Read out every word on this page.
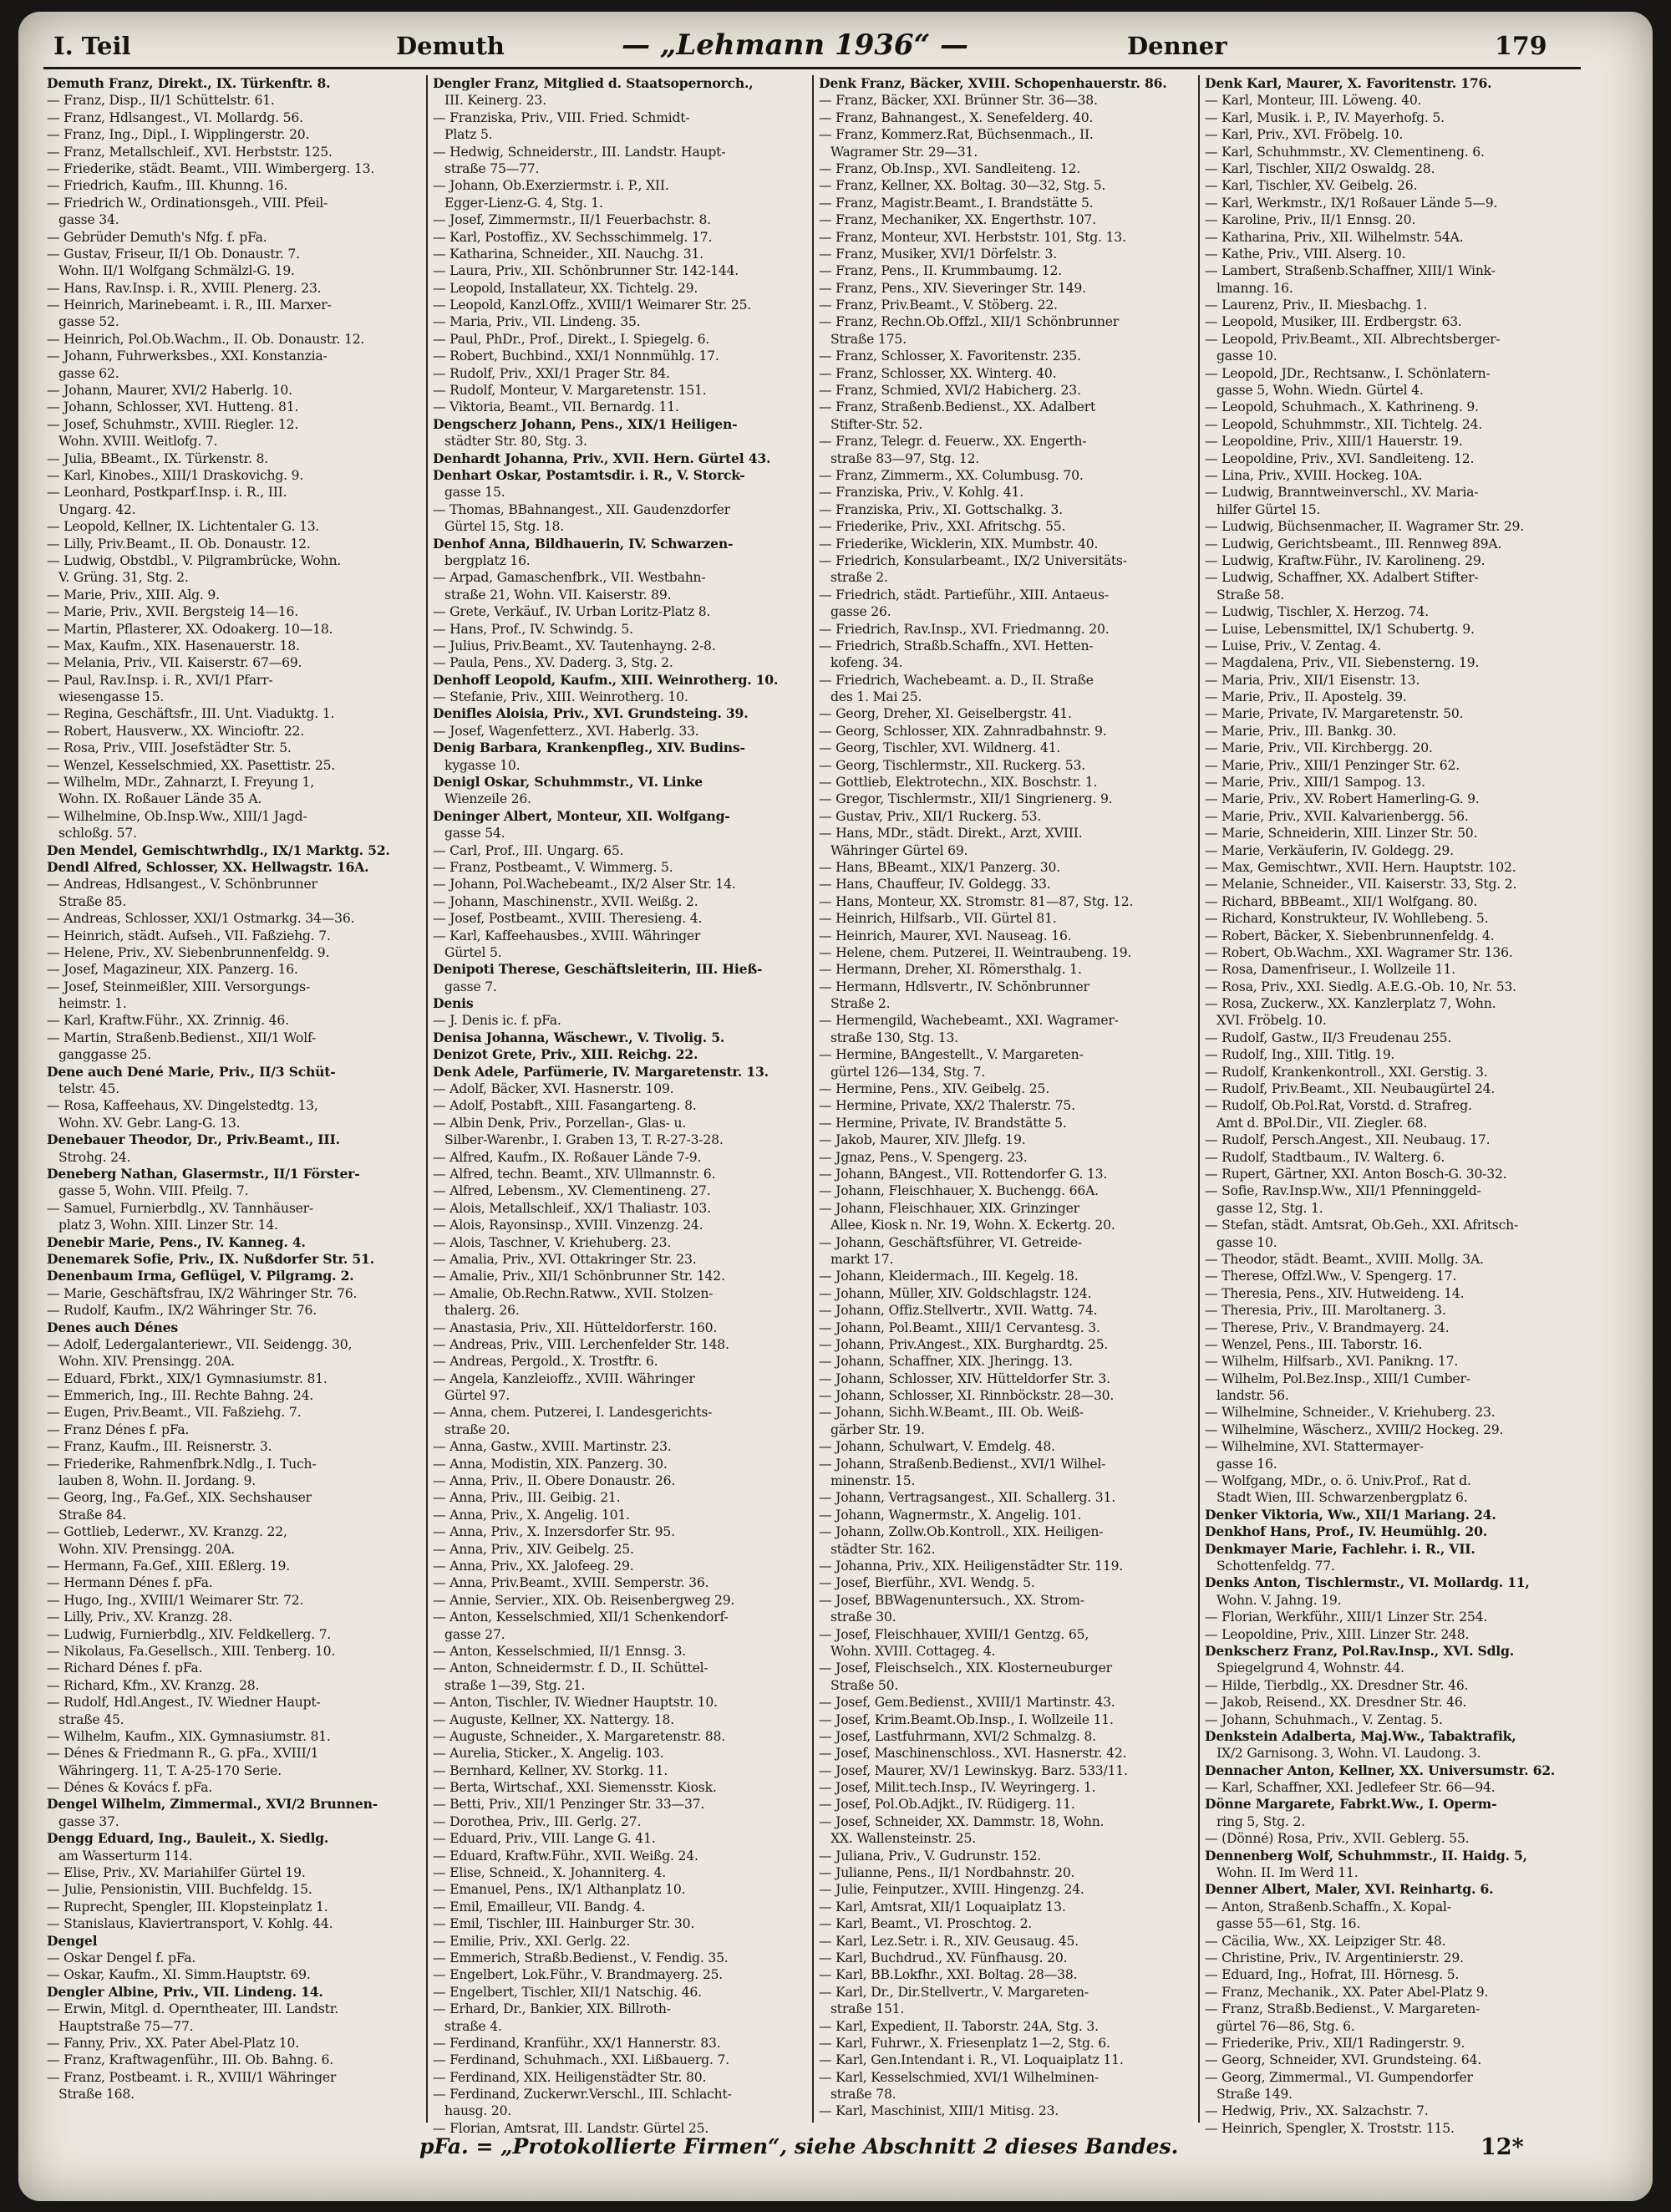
I. Teil	Demuth	— „Lehmann 1936“ —	Denner	179
Demuth Franz, Direkt., IX. Türkenftr. 8.
— Franz, Disp., II/1 Schüttelstr. 61.
— Franz, Hdlsangest., VI. Mollardg. 56.
— Franz, Ing., Dipl., I. Wipplingerstr. 20.
— Franz, Metallschleif., XVI. Herbststr. 125.
— Friederike, städt. Beamt., VIII. Wimbergerg. 13.
— Friedrich, Kaufm., III. Khunng. 16.
— Friedrich W., Ordinationsgeh., VIII. Pfeil-
gasse 34.
— Gebrüder Demuth's Nfg. f. pFa.
— Gustav, Friseur, II/1 Ob. Donaustr. 7.
Wohn. II/1 Wolfgang Schmälzl-G. 19.
— Hans, Rav.Insp. i. R., XVIII. Plenerg. 23.
— Heinrich, Marinebeamt. i. R., III. Marxer-
gasse 52.
— Heinrich, Pol.Ob.Wachm., II. Ob. Donaustr. 12.
— Johann, Fuhrwerksbes., XXI. Konstanzia-
gasse 62.
— Johann, Maurer, XVI/2 Haberlg. 10.
— Johann, Schlosser, XVI. Hutteng. 81.
— Josef, Schuhmstr., XVIII. Riegler. 12.
Wohn. XVIII. Weitlofg. 7.
— Julia, BBeamt., IX. Türkenstr. 8.
— Karl, Kinobes., XIII/1 Draskovichg. 9.
— Leonhard, Postkparf.Insp. i. R., III.
Ungarg. 42.
— Leopold, Kellner, IX. Lichtentaler G. 13.
— Lilly, Priv.Beamt., II. Ob. Donaustr. 12.
— Ludwig, Obstdbl., V. Pilgrambrücke, Wohn.
V. Grüng. 31, Stg. 2.
— Marie, Priv., XIII. Alg. 9.
— Marie, Priv., XVII. Bergsteig 14—16.
— Martin, Pflasterer, XX. Odoakerg. 10—18.
— Max, Kaufm., XIX. Hasenauerstr. 18.
— Melania, Priv., VII. Kaiserstr. 67—69.
— Paul, Rav.Insp. i. R., XVI/1 Pfarr-
wiesengasse 15.
— Regina, Geschäftsfr., III. Unt. Viaduktg. 1.
— Robert, Hausverw., XX. Wincioftr. 22.
— Rosa, Priv., VIII. Josefstädter Str. 5.
— Wenzel, Kesselschmied, XX. Pasettistr. 25.
— Wilhelm, MDr., Zahnarzt, I. Freyung 1,
Wohn. IX. Roßauer Lände 35 A.
— Wilhelmine, Ob.Insp.Ww., XIII/1 Jagd-
schloßg. 57.
Den Mendel, Gemischtwrhdlg., IX/1 Marktg. 52.
Dendl Alfred, Schlosser, XX. Hellwagstr. 16A.
— Andreas, Hdlsangest., V. Schönbrunner
Straße 85.
— Andreas, Schlosser, XXI/1 Ostmarkg. 34—36.
— Heinrich, städt. Aufseh., VII. Faßziehg. 7.
— Helene, Priv., XV. Siebenbrunnenfeldg. 9.
— Josef, Magazineur, XIX. Panzerg. 16.
— Josef, Steinmeißler, XIII. Versorgungs-
heimstr. 1.
— Karl, Kraftw.Führ., XX. Zrinnig. 46.
— Martin, Straßenb.Bedienst., XII/1 Wolf-
ganggasse 25.
Dene auch Dené Marie, Priv., II/3 Schüt-
telstr. 45.
— Rosa, Kaffeehaus, XV. Dingelstedtg. 13,
Wohn. XV. Gebr. Lang-G. 13.
Denebauer Theodor, Dr., Priv.Beamt., III.
Strohg. 24.
Deneberg Nathan, Glasermstr., II/1 Förster-
gasse 5, Wohn. VIII. Pfeilg. 7.
— Samuel, Furnierbdlg., XV. Tannhäuser-
platz 3, Wohn. XIII. Linzer Str. 14.
Denebir Marie, Pens., IV. Kanneg. 4.
Denemarek Sofie, Priv., IX. Nußdorfer Str. 51.
Denenbaum Irma, Geflügel, V. Pilgramg. 2.
— Marie, Geschäftsfrau, IX/2 Währinger Str. 76.
— Rudolf, Kaufm., IX/2 Währinger Str. 76.
Denes auch Dénes
— Adolf, Ledergalanteriewr., VII. Seidengg. 30,
Wohn. XIV. Prensingg. 20A.
— Eduard, Fbrkt., XIX/1 Gymnasiumstr. 81.
— Emmerich, Ing., III. Rechte Bahng. 24.
— Eugen, Priv.Beamt., VII. Faßziehg. 7.
— Franz Dénes f. pFa.
— Franz, Kaufm., III. Reisnerstr. 3.
— Friederike, Rahmenfbrk.Ndlg., I. Tuch-
lauben 8, Wohn. II. Jordang. 9.
— Georg, Ing., Fa.Gef., XIX. Sechshauser
Straße 84.
— Gottlieb, Lederwr., XV. Kranzg. 22,
Wohn. XIV. Prensingg. 20A.
— Hermann, Fa.Gef., XIII. Eßlerg. 19.
— Hermann Dénes f. pFa.
— Hugo, Ing., XVIII/1 Weimarer Str. 72.
— Lilly, Priv., XV. Kranzg. 28.
— Ludwig, Furnierbdlg., XIV. Feldkellerg. 7.
— Nikolaus, Fa.Gesellsch., XIII. Tenberg. 10.
— Richard Dénes f. pFa.
— Richard, Kfm., XV. Kranzg. 28.
— Rudolf, Hdl.Angest., IV. Wiedner Haupt-
straße 45.
— Wilhelm, Kaufm., XIX. Gymnasiumstr. 81.
— Dénes & Friedmann R., G. pFa., XVIII/1
Währingerg. 11, T. A-25-170 Serie.
— Dénes & Kovács f. pFa.
Dengel Wilhelm, Zimmermal., XVI/2 Brunnen-
gasse 37.
Dengg Eduard, Ing., Bauleit., X. Siedlg.
am Wasserturm 114.
— Elise, Priv., XV. Mariahilfer Gürtel 19.
— Julie, Pensionistin, VIII. Buchfeldg. 15.
— Ruprecht, Spengler, III. Klopsteinplatz 1.
— Stanislaus, Klaviertransport, V. Kohlg. 44.
Dengel
— Oskar Dengel f. pFa.
— Oskar, Kaufm., XI. Simm.Hauptstr. 69.
Dengler Albine, Priv., VII. Lindeng. 14.
— Erwin, Mitgl. d. Operntheater, III. Landstr.
Hauptstraße 75—77.
— Fanny, Priv., XX. Pater Abel-Platz 10.
— Franz, Kraftwagenführ., III. Ob. Bahng. 6.
— Franz, Postbeamt. i. R., XVIII/1 Währinger
Straße 168.
Dengler Franz, Mitglied d. Staatsopernorch.,
III. Keinerg. 23.
— Franziska, Priv., VIII. Fried. Schmidt-
Platz 5.
— Hedwig, Schneiderstr., III. Landstr. Haupt-
straße 75—77.
— Johann, Ob.Exerziermstr. i. P., XII.
Egger-Lienz-G. 4, Stg. 1.
— Josef, Zimmermstr., II/1 Feuerbachstr. 8.
— Karl, Postoffiz., XV. Sechsschimmelg. 17.
— Katharina, Schneider., XII. Nauchg. 31.
— Laura, Priv., XII. Schönbrunner Str. 142-144.
— Leopold, Installateur, XX. Tichtelg. 29.
— Leopold, Kanzl.Offz., XVIII/1 Weimarer Str. 25.
— Maria, Priv., VII. Lindeng. 35.
— Paul, PhDr., Prof., Direkt., I. Spiegelg. 6.
— Robert, Buchbind., XXI/1 Nonnmühlg. 17.
— Rudolf, Priv., XXI/1 Prager Str. 84.
— Rudolf, Monteur, V. Margaretenstr. 151.
— Viktoria, Beamt., VII. Bernardg. 11.
Dengscherz Johann, Pens., XIX/1 Heiligen-
städter Str. 80, Stg. 3.
Denhardt Johanna, Priv., XVII. Hern. Gürtel 43.
Denhart Oskar, Postamtsdir. i. R., V. Storck-
gasse 15.
— Thomas, BBahnangest., XII. Gaudenzdorfer
Gürtel 15, Stg. 18.
Denhof Anna, Bildhauerin, IV. Schwarzen-
bergplatz 16.
— Arpad, Gamaschenfbrk., VII. Westbahn-
straße 21, Wohn. VII. Kaiserstr. 89.
— Grete, Verkäuf., IV. Urban Loritz-Platz 8.
— Hans, Prof., IV. Schwindg. 5.
— Julius, Priv.Beamt., XV. Tautenhayng. 2-8.
— Paula, Pens., XV. Daderg. 3, Stg. 2.
Denhoff Leopold, Kaufm., XIII. Weinrotherg. 10.
— Stefanie, Priv., XIII. Weinrotherg. 10.
Denifles Aloisia, Priv., XVI. Grundsteing. 39.
— Josef, Wagenfetterz., XVI. Haberlg. 33.
Denig Barbara, Krankenpfleg., XIV. Budins-
kygasse 10.
Denigl Oskar, Schuhmmstr., VI. Linke
Wienzeile 26.
Deninger Albert, Monteur, XII. Wolfgang-
gasse 54.
— Carl, Prof., III. Ungarg. 65.
— Franz, Postbeamt., V. Wimmerg. 5.
— Johann, Pol.Wachebeamt., IX/2 Alser Str. 14.
— Johann, Maschinenstr., XVII. Weißg. 2.
— Josef, Postbeamt., XVIII. Theresieng. 4.
— Karl, Kaffeehausbes., XVIII. Währinger
Gürtel 5.
Denipoti Therese, Geschäftsleiterin, III. Hieß-
gasse 7.
Denis
— J. Denis ic. f. pFa.
Denisa Johanna, Wäschewr., V. Tivolig. 5.
Denizot Grete, Priv., XIII. Reichg. 22.
Denk Adele, Parfümerie, IV. Margaretenstr. 13.
— Adolf, Bäcker, XVI. Hasnerstr. 109.
— Adolf, Postabft., XIII. Fasangarteng. 8.
— Albin Denk, Priv., Porzellan-, Glas- u.
Silber-Warenbr., I. Graben 13, T. R-27-3-28.
— Alfred, Kaufm., IX. Roßauer Lände 7-9.
— Alfred, techn. Beamt., XIV. Ullmannstr. 6.
— Alfred, Lebensm., XV. Clementineng. 27.
— Alois, Metallschleif., XX/1 Thaliastr. 103.
— Alois, Rayonsinsp., XVIII. Vinzenzg. 24.
— Alois, Taschner, V. Kriehuberg. 23.
— Amalia, Priv., XVI. Ottakringer Str. 23.
— Amalie, Priv., XII/1 Schönbrunner Str. 142.
— Amalie, Ob.Rechn.Ratww., XVII. Stolzen-
thalerg. 26.
— Anastasia, Priv., XII. Hütteldorferstr. 160.
— Andreas, Priv., VIII. Lerchenfelder Str. 148.
— Andreas, Pergold., X. Trostftr. 6.
— Angela, Kanzleioffz., XVIII. Währinger
Gürtel 97.
— Anna, chem. Putzerei, I. Landesgerichts-
straße 20.
— Anna, Gastw., XVIII. Martinstr. 23.
— Anna, Modistin, XIX. Panzerg. 30.
— Anna, Priv., II. Obere Donaustr. 26.
— Anna, Priv., III. Geibig. 21.
— Anna, Priv., X. Angelig. 101.
— Anna, Priv., X. Inzersdorfer Str. 95.
— Anna, Priv., XIV. Geibelg. 25.
— Anna, Priv., XX. Jalofeeg. 29.
— Anna, Priv.Beamt., XVIII. Semperstr. 36.
— Annie, Servier., XIX. Ob. Reisenbergweg 29.
— Anton, Kesselschmied, XII/1 Schenkendorf-
gasse 27.
— Anton, Kesselschmied, II/1 Ennsg. 3.
— Anton, Schneidermstr. f. D., II. Schüttel-
straße 1—39, Stg. 21.
— Anton, Tischler, IV. Wiedner Hauptstr. 10.
— Auguste, Kellner, XX. Nattergy. 18.
— Auguste, Schneider., X. Margaretenstr. 88.
— Aurelia, Sticker., X. Angelig. 103.
— Bernhard, Kellner, XV. Storkg. 11.
— Berta, Wirtschaf., XXI. Siemensstr. Kiosk.
— Betti, Priv., XII/1 Penzinger Str. 33—37.
— Dorothea, Priv., III. Gerlg. 27.
— Eduard, Priv., VIII. Lange G. 41.
— Eduard, Kraftw.Führ., XVII. Weißg. 24.
— Elise, Schneid., X. Johanniterg. 4.
— Emanuel, Pens., IX/1 Althanplatz 10.
— Emil, Emailleur, VII. Bandg. 4.
— Emil, Tischler, III. Hainburger Str. 30.
— Emilie, Priv., XXI. Gerlg. 22.
— Emmerich, Straßb.Bedienst., V. Fendig. 35.
— Engelbert, Lok.Führ., V. Brandmayerg. 25.
— Engelbert, Tischler, XII/1 Natschig. 46.
— Erhard, Dr., Bankier, XIX. Billroth-
straße 4.
— Ferdinand, Kranführ., XX/1 Hannerstr. 83.
— Ferdinand, Schuhmach., XXI. Lißbauerg. 7.
— Ferdinand, XIX. Heiligenstädter Str. 80.
— Ferdinand, Zuckerwr.Verschl., III. Schlacht-
hausg. 20.
— Florian, Amtsrat, III. Landstr. Gürtel 25.
Denk Franz, Bäcker, XVIII. Schopenhauerstr. 86.
— Franz, Bäcker, XXI. Brünner Str. 36—38.
— Franz, Bahnangest., X. Senefelderg. 40.
— Franz, Kommerz.Rat, Büchsenmach., II.
Wagramer Str. 29—31.
— Franz, Ob.Insp., XVI. Sandleiteng. 12.
— Franz, Kellner, XX. Boltag. 30—32, Stg. 5.
— Franz, Magistr.Beamt., I. Brandstätte 5.
— Franz, Mechaniker, XX. Engerthstr. 107.
— Franz, Monteur, XVI. Herbststr. 101, Stg. 13.
— Franz, Musiker, XVI/1 Dörfelstr. 3.
— Franz, Pens., II. Krummbaumg. 12.
— Franz, Pens., XIV. Sieveringer Str. 149.
— Franz, Priv.Beamt., V. Stöberg. 22.
— Franz, Rechn.Ob.Offzl., XII/1 Schönbrunner
Straße 175.
— Franz, Schlosser, X. Favoritenstr. 235.
— Franz, Schlosser, XX. Winterg. 40.
— Franz, Schmied, XVI/2 Habicherg. 23.
— Franz, Straßenb.Bedienst., XX. Adalbert
Stifter-Str. 52.
— Franz, Telegr. d. Feuerw., XX. Engerth-
straße 83—97, Stg. 12.
— Franz, Zimmerm., XX. Columbusg. 70.
— Franziska, Priv., V. Kohlg. 41.
— Franziska, Priv., XI. Gottschalkg. 3.
— Friederike, Priv., XXI. Afritschg. 55.
— Friederike, Wicklerin, XIX. Mumbstr. 40.
— Friedrich, Konsularbeamt., IX/2 Universitäts-
straße 2.
— Friedrich, städt. Partieführ., XIII. Antaeus-
gasse 26.
— Friedrich, Rav.Insp., XVI. Friedmanng. 20.
— Friedrich, Straßb.Schaffn., XVI. Hetten-
kofeng. 34.
— Friedrich, Wachebeamt. a. D., II. Straße
des 1. Mai 25.
— Georg, Dreher, XI. Geiselbergstr. 41.
— Georg, Schlosser, XIX. Zahnradbahnstr. 9.
— Georg, Tischler, XVI. Wildnerg. 41.
— Georg, Tischlermstr., XII. Ruckerg. 53.
— Gottlieb, Elektrotechn., XIX. Boschstr. 1.
— Gregor, Tischlermstr., XII/1 Singrienerg. 9.
— Gustav, Priv., XII/1 Ruckerg. 53.
— Hans, MDr., städt. Direkt., Arzt, XVIII.
Währinger Gürtel 69.
— Hans, BBeamt., XIX/1 Panzerg. 30.
— Hans, Chauffeur, IV. Goldegg. 33.
— Hans, Monteur, XX. Stromstr. 81—87, Stg. 12.
— Heinrich, Hilfsarb., VII. Gürtel 81.
— Heinrich, Maurer, XVI. Nauseag. 16.
— Helene, chem. Putzerei, II. Weintraubeng. 19.
— Hermann, Dreher, XI. Römersthalg. 1.
— Hermann, Hdlsvertr., IV. Schönbrunner
Straße 2.
— Hermengild, Wachebeamt., XXI. Wagramer-
straße 130, Stg. 13.
— Hermine, BAngestellt., V. Margareten-
gürtel 126—134, Stg. 7.
— Hermine, Pens., XIV. Geibelg. 25.
— Hermine, Private, XX/2 Thalerstr. 75.
— Hermine, Private, IV. Brandstätte 5.
— Jakob, Maurer, XIV. Jllefg. 19.
— Jgnaz, Pens., V. Spengerg. 23.
— Johann, BAngest., VII. Rottendorfer G. 13.
— Johann, Fleischhauer, X. Buchengg. 66A.
— Johann, Fleischhauer, XIX. Grinzinger
Allee, Kiosk n. Nr. 19, Wohn. X. Eckertg. 20.
— Johann, Geschäftsführer, VI. Getreide-
markt 17.
— Johann, Kleidermach., III. Kegelg. 18.
— Johann, Müller, XIV. Goldschlagstr. 124.
— Johann, Offiz.Stellvertr., XVII. Wattg. 74.
— Johann, Pol.Beamt., XIII/1 Cervantesg. 3.
— Johann, Priv.Angest., XIX. Burghardtg. 25.
— Johann, Schaffner, XIX. Jheringg. 13.
— Johann, Schlosser, XIV. Hütteldorfer Str. 3.
— Johann, Schlosser, XI. Rinnböckstr. 28—30.
— Johann, Sichh.W.Beamt., III. Ob. Weiß-
gärber Str. 19.
— Johann, Schulwart, V. Emdelg. 48.
— Johann, Straßenb.Bedienst., XVI/1 Wilhel-
minenstr. 15.
— Johann, Vertragsangest., XII. Schallerg. 31.
— Johann, Wagnermstr., X. Angelig. 101.
— Johann, Zollw.Ob.Kontroll., XIX. Heiligen-
städter Str. 162.
— Johanna, Priv., XIX. Heiligenstädter Str. 119.
— Josef, Bierführ., XVI. Wendg. 5.
— Josef, BBWagenuntersuch., XX. Strom-
straße 30.
— Josef, Fleischhauer, XVIII/1 Gentzg. 65,
Wohn. XVIII. Cottageg. 4.
— Josef, Fleischselch., XIX. Klosterneuburger
Straße 50.
— Josef, Gem.Bedienst., XVIII/1 Martinstr. 43.
— Josef, Krim.Beamt.Ob.Insp., I. Wollzeile 11.
— Josef, Lastfuhrmann, XVI/2 Schmalzg. 8.
— Josef, Maschinenschloss., XVI. Hasnerstr. 42.
— Josef, Maurer, XV/1 Lewinskyg. Barz. 533/11.
— Josef, Milit.tech.Insp., IV. Weyringerg. 1.
— Josef, Pol.Ob.Adjkt., IV. Rüdigerg. 11.
— Josef, Schneider, XX. Dammstr. 18, Wohn.
XX. Wallensteinstr. 25.
— Juliana, Priv., V. Gudrunstr. 152.
— Julianne, Pens., II/1 Nordbahnstr. 20.
— Julie, Feinputzer., XVIII. Hingenzg. 24.
— Karl, Amtsrat, XII/1 Loquaiplatz 13.
— Karl, Beamt., VI. Proschtog. 2.
— Karl, Lez.Setr. i. R., XIV. Geusaug. 45.
— Karl, Buchdrud., XV. Fünfhausg. 20.
— Karl, BB.Lokfhr., XXI. Boltag. 28—38.
— Karl, Dr., Dir.Stellvertr., V. Margareten-
straße 151.
— Karl, Expedient, II. Taborstr. 24A, Stg. 3.
— Karl, Fuhrwr., X. Friesenplatz 1—2, Stg. 6.
— Karl, Gen.Intendant i. R., VI. Loquaiplatz 11.
— Karl, Kesselschmied, XVI/1 Wilhelminen-
straße 78.
— Karl, Maschinist, XIII/1 Mitisg. 23.
Denk Karl, Maurer, X. Favoritenstr. 176.
— Karl, Monteur, III. Löweng. 40.
— Karl, Musik. i. P., IV. Mayerhofg. 5.
— Karl, Priv., XVI. Fröbelg. 10.
— Karl, Schuhmmstr., XV. Clementineng. 6.
— Karl, Tischler, XII/2 Oswaldg. 28.
— Karl, Tischler, XV. Geibelg. 26.
— Karl, Werkmstr., IX/1 Roßauer Lände 5—9.
— Karoline, Priv., II/1 Ennsg. 20.
— Katharina, Priv., XII. Wilhelmstr. 54A.
— Kathe, Priv., VIII. Alserg. 10.
— Lambert, Straßenb.Schaffner, XIII/1 Wink-
lmanng. 16.
— Laurenz, Priv., II. Miesbachg. 1.
— Leopold, Musiker, III. Erdbergstr. 63.
— Leopold, Priv.Beamt., XII. Albrechtsberger-
gasse 10.
— Leopold, JDr., Rechtsanw., I. Schönlatern-
gasse 5, Wohn. Wiedn. Gürtel 4.
— Leopold, Schuhmach., X. Kathrineng. 9.
— Leopold, Schuhmmstr., XII. Tichtelg. 24.
— Leopoldine, Priv., XIII/1 Hauerstr. 19.
— Leopoldine, Priv., XVI. Sandleiteng. 12.
— Lina, Priv., XVIII. Hockeg. 10A.
— Ludwig, Branntweinverschl., XV. Maria-
hilfer Gürtel 15.
— Ludwig, Büchsenmacher, II. Wagramer Str. 29.
— Ludwig, Gerichtsbeamt., III. Rennweg 89A.
— Ludwig, Kraftw.Führ., IV. Karolineng. 29.
— Ludwig, Schaffner, XX. Adalbert Stifter-
Straße 58.
— Ludwig, Tischler, X. Herzog. 74.
— Luise, Lebensmittel, IX/1 Schubertg. 9.
— Luise, Priv., V. Zentag. 4.
— Magdalena, Priv., VII. Siebensterng. 19.
— Maria, Priv., XII/1 Eisenstr. 13.
— Marie, Priv., II. Apostelg. 39.
— Marie, Private, IV. Margaretenstr. 50.
— Marie, Priv., III. Bankg. 30.
— Marie, Priv., VII. Kirchbergg. 20.
— Marie, Priv., XIII/1 Penzinger Str. 62.
— Marie, Priv., XIII/1 Sampog. 13.
— Marie, Priv., XV. Robert Hamerling-G. 9.
— Marie, Priv., XVII. Kalvarienbergg. 56.
— Marie, Schneiderin, XIII. Linzer Str. 50.
— Marie, Verkäuferin, IV. Goldegg. 29.
— Max, Gemischtwr., XVII. Hern. Hauptstr. 102.
— Melanie, Schneider., VII. Kaiserstr. 33, Stg. 2.
— Richard, BBBeamt., XII/1 Wolfgang. 80.
— Richard, Konstrukteur, IV. Wohllebeng. 5.
— Robert, Bäcker, X. Siebenbrunnenfeldg. 4.
— Robert, Ob.Wachm., XXI. Wagramer Str. 136.
— Rosa, Damenfriseur., I. Wollzeile 11.
— Rosa, Priv., XXI. Siedlg. A.E.G.-Ob. 10, Nr. 53.
— Rosa, Zuckerw., XX. Kanzlerplatz 7, Wohn.
XVI. Fröbelg. 10.
— Rudolf, Gastw., II/3 Freudenau 255.
— Rudolf, Ing., XIII. Titlg. 19.
— Rudolf, Krankenkontroll., XXI. Gerstig. 3.
— Rudolf, Priv.Beamt., XII. Neubaugürtel 24.
— Rudolf, Ob.Pol.Rat, Vorstd. d. Strafreg.
Amt d. BPol.Dir., VII. Ziegler. 68.
— Rudolf, Persch.Angest., XII. Neubaug. 17.
— Rudolf, Stadtbaum., IV. Walterg. 6.
— Rupert, Gärtner, XXI. Anton Bosch-G. 30-32.
— Sofie, Rav.Insp.Ww., XII/1 Pfenninggeld-
gasse 12, Stg. 1.
— Stefan, städt. Amtsrat, Ob.Geh., XXI. Afritsch-
gasse 10.
— Theodor, städt. Beamt., XVIII. Mollg. 3A.
— Therese, Offzl.Ww., V. Spengerg. 17.
— Theresia, Pens., XIV. Hutweideng. 14.
— Theresia, Priv., III. Maroltanerg. 3.
— Therese, Priv., V. Brandmayerg. 24.
— Wenzel, Pens., III. Taborstr. 16.
— Wilhelm, Hilfsarb., XVI. Panikng. 17.
— Wilhelm, Pol.Bez.Insp., XIII/1 Cumber-
landstr. 56.
— Wilhelmine, Schneider., V. Kriehuberg. 23.
— Wilhelmine, Wäscherz., XVIII/2 Hockeg. 29.
— Wilhelmine, XVI. Stattermayer-
gasse 16.
— Wolfgang, MDr., o. ö. Univ.Prof., Rat d.
Stadt Wien, III. Schwarzenbergplatz 6.
Denker Viktoria, Ww., XII/1 Mariang. 24.
Denkhof Hans, Prof., IV. Heumühlg. 20.
Denkmayer Marie, Fachlehr. i. R., VII.
Schottenfeldg. 77.
Denks Anton, Tischlermstr., VI. Mollardg. 11,
Wohn. V. Jahng. 19.
— Florian, Werkführ., XIII/1 Linzer Str. 254.
— Leopoldine, Priv., XIII. Linzer Str. 248.
Denkscherz Franz, Pol.Rav.Insp., XVI. Sdlg.
Spiegelgrund 4, Wohnstr. 44.
— Hilde, Tierbdlg., XX. Dresdner Str. 46.
— Jakob, Reisend., XX. Dresdner Str. 46.
— Johann, Schuhmach., V. Zentag. 5.
Denkstein Adalberta, Maj.Ww., Tabaktrafik,
IX/2 Garnisong. 3, Wohn. VI. Laudong. 3.
Dennacher Anton, Kellner, XX. Universumstr. 62.
— Karl, Schaffner, XXI. Jedlefeer Str. 66—94.
Dönne Margarete, Fabrkt.Ww., I. Operm-
ring 5, Stg. 2.
— (Dönné) Rosa, Priv., XVII. Geblerg. 55.
Dennenberg Wolf, Schuhmmstr., II. Haidg. 5,
Wohn. II. Im Werd 11.
Denner Albert, Maler, XVI. Reinhartg. 6.
— Anton, Straßenb.Schaffn., X. Kopal-
gasse 55—61, Stg. 16.
— Cäcilia, Ww., XX. Leipziger Str. 48.
— Christine, Priv., IV. Argentinierstr. 29.
— Eduard, Ing., Hofrat, III. Hörnesg. 5.
— Franz, Mechanik., XX. Pater Abel-Platz 9.
— Franz, Straßb.Bedienst., V. Margareten-
gürtel 76—86, Stg. 6.
— Friederike, Priv., XII/1 Radingerstr. 9.
— Georg, Schneider, XVI. Grundsteing. 64.
— Georg, Zimmermal., VI. Gumpendorfer
Straße 149.
— Hedwig, Priv., XX. Salzachstr. 7.
— Heinrich, Spengler, X. Troststr. 115.
pFa. = „Protokollierte Firmen“, siehe Abschnitt 2 dieses Bandes.	12*
